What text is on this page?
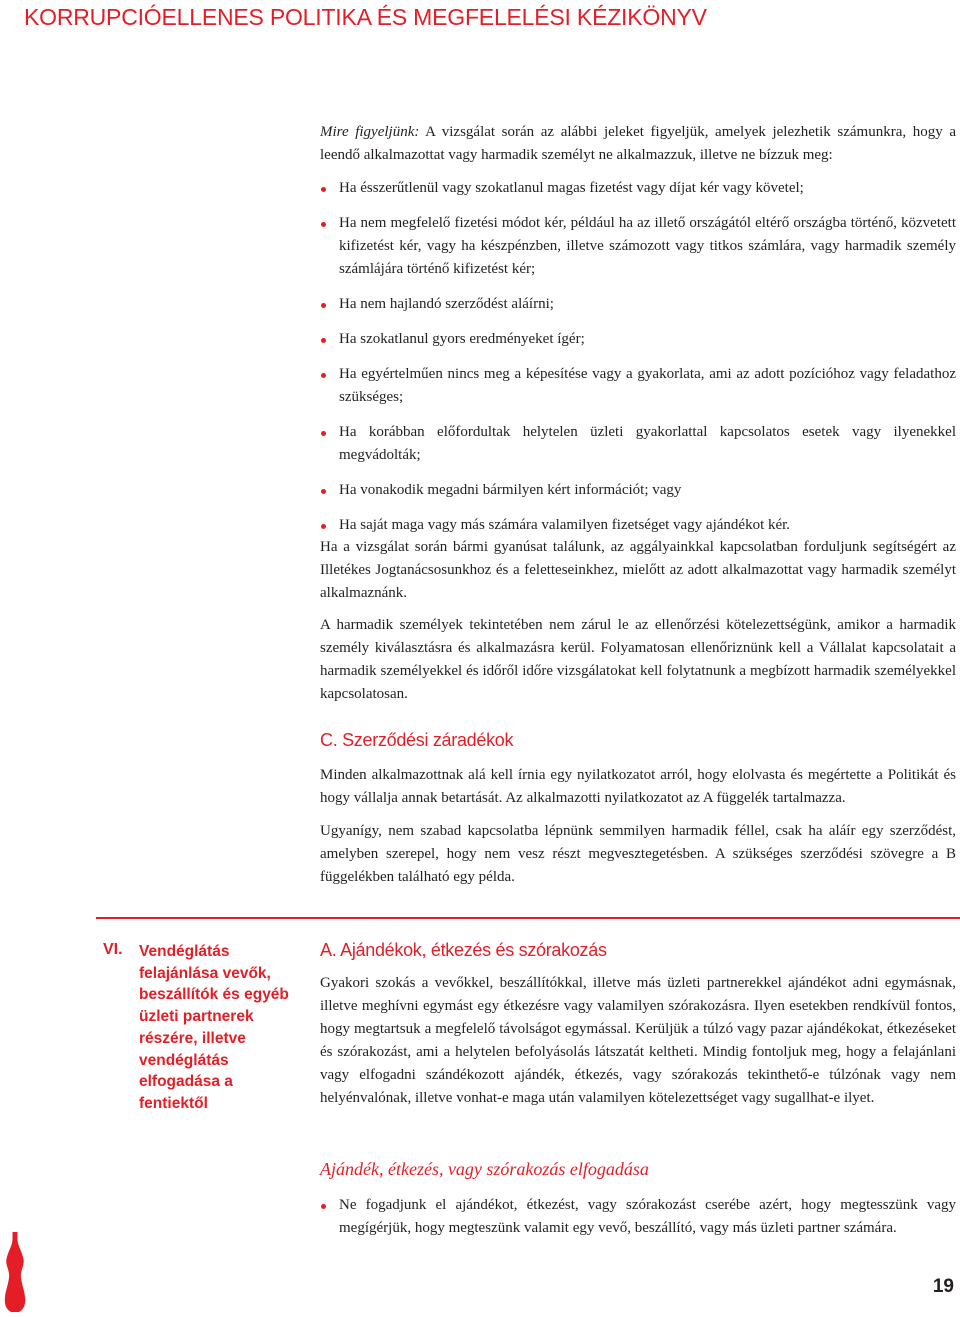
KORRUPCIÓELLENES POLITIKA ÉS MEGFELELÉSI KÉZIKÖNYV

Mire figyeljünk: A vizsgálat során az alábbi jeleket figyeljük, amelyek jelezhetik számunkra, hogy a leendő alkalmazottat vagy harmadik személyt ne alkalmazzuk, illetve ne bízzuk meg:

Ha ésszerűtlenül vagy szokatlanul magas fizetést vagy díjat kér vagy követel;
Ha nem megfelelő fizetési módot kér, például ha az illető országától eltérő országba történő, közvetett kifizetést kér, vagy ha készpénzben, illetve számozott vagy titkos számlára, vagy harmadik személy számlájára történő kifizetést kér;
Ha nem hajlandó szerződést aláírni;
Ha szokatlanul gyors eredményeket ígér;
Ha egyértelműen nincs meg a képesítése vagy a gyakorlata, ami az adott pozícióhoz vagy feladathoz szükséges;
Ha korábban előfordultak helytelen üzleti gyakorlattal kapcsolatos esetek vagy ilyenekkel megvádolták;
Ha vonakodik megadni bármilyen kért információt; vagy
Ha saját maga vagy más számára valamilyen fizetséget vagy ajándékot kér.

Ha a vizsgálat során bármi gyanúsat találunk, az aggályainkkal kapcsolatban forduljunk segítségért az Illetékes Jogtanácsosunkhoz és a feletteseinkhez, mielőtt az adott alkalmazottat vagy harmadik személyt alkalmaznánk.

A harmadik személyek tekintetében nem zárul le az ellenőrzési kötelezettségünk, amikor a harmadik személy kiválasztásra és alkalmazásra kerül. Folyamatosan ellenőriznünk kell a Vállalat kapcsolatait a harmadik személyekkel és időről időre vizsgálatokat kell folytatnunk a megbízott harmadik személyekkel kapcsolatosan.

C. Szerződési záradékok

Minden alkalmazottnak alá kell írnia egy nyilatkozatot arról, hogy elolvasta és megértette a Politikát és hogy vállalja annak betartását. Az alkalmazotti nyilatkozatot az A függelék tartalmazza.

Ugyanígy, nem szabad kapcsolatba lépnünk semmilyen harmadik féllel, csak ha aláír egy szerződést, amelyben szerepel, hogy nem vesz részt megvesztegetésben. A szükséges szerződési szövegre a B függelékben található egy példa.

VI. Vendéglátás felajánlása vevők, beszállítók és egyéb üzleti partnerek részére, illetve vendéglátás elfogadása a fentiektől
A. Ajándékok, étkezés és szórakozás

Gyakori szokás a vevőkkel, beszállítókkal, illetve más üzleti partnerekkel ajándékot adni egymásnak, illetve meghívni egymást egy étkezésre vagy valamilyen szórakozásra. Ilyen esetekben rendkívül fontos, hogy megtartsuk a megfelelő távolságot egymással. Kerüljük a túlzó vagy pazar ajándékokat, étkezéseket és szórakozást, ami a helytelen befolyásolás látszatát keltheti. Mindig fontoljuk meg, hogy a felajánlani vagy elfogadni szándékozott ajándék, étkezés, vagy szórakozás tekinthető-e túlzónak vagy nem helyénvalónak, illetve vonhat-e maga után valamilyen kötelezettséget vagy sugallhat-e ilyet.

Ajándék, étkezés, vagy szórakozás elfogadása
Ne fogadjunk el ajándékot, étkezést, vagy szórakozást cserébe azért, hogy megtesszünk vagy megígérjük, hogy megteszünk valamit egy vevő, beszállító, vagy más üzleti partner számára.
19
